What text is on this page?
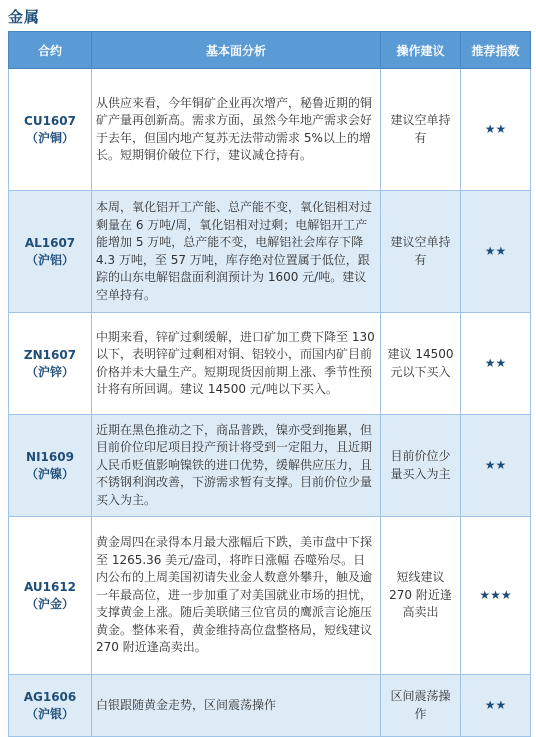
金属
合约	基本面分析	操作建议	推荐指数

CU1607
（沪铜）	从供应来看，今年铜矿企业再次增产，秘鲁近期的铜矿产量再创新高。需求方面，虽然今年地产需求会好于去年，但国内地产复苏无法带动需求 5%以上的增长。短期铜价破位下行，建议减仓持有。	建议空单持有	★★

AL1607
（沪铝）	本周，氧化铝开工产能、总产能不变，氧化铝相对过剩量在 6 万吨/周，氧化铝相对过剩；电解铝开工产能增加 5 万吨，总产能不变，电解铝社会库存下降 4.3 万吨，至 57 万吨，库存绝对位置属于低位，跟踪的山东电解铝盘面利润预计为 1600 元/吨。建议空单持有。	建议空单持有	★★

ZN1607
（沪锌）	中期来看，锌矿过剩缓解，进口矿加工费下降至 130 以下，表明锌矿过剩相对铜、铝较小，而国内矿目前价格并未大量生产。短期现货因前期上涨、季节性预计将有所回调。建议 14500 元/吨以下买入。	建议 14500 元以下买入	★★

NI1609
（沪镍）	近期在黑色推动之下，商品普跌，镍亦受到拖累，但目前价位印尼项目投产预计将受到一定阻力，且近期人民币贬值影响镍铁的进口优势，缓解供应压力，且不锈钢利润改善，下游需求暂有支撑。目前价位少量买入为主。	目前价位少量买入为主	★★

AU1612
（沪金）	黄金周四在录得本月最大涨幅后下跌，美市盘中下探至 1265.36 美元/盎司，将昨日涨幅 吞噬殆尽。日内公布的上周美国初请失业金人数意外攀升，触及逾一年最高位，进一步加重了对美国就业市场的担忧，支撑黄金上涨。随后美联储三位官员的鹰派言论施压黄金。整体来看，黄金维持高位盘整格局，短线建议 270 附近逢高卖出。	短线建议 270 附近逢高卖出	★★★

AG1606
（沪银）	白银跟随黄金走势，区间震荡操作	区间震荡操作	★★
